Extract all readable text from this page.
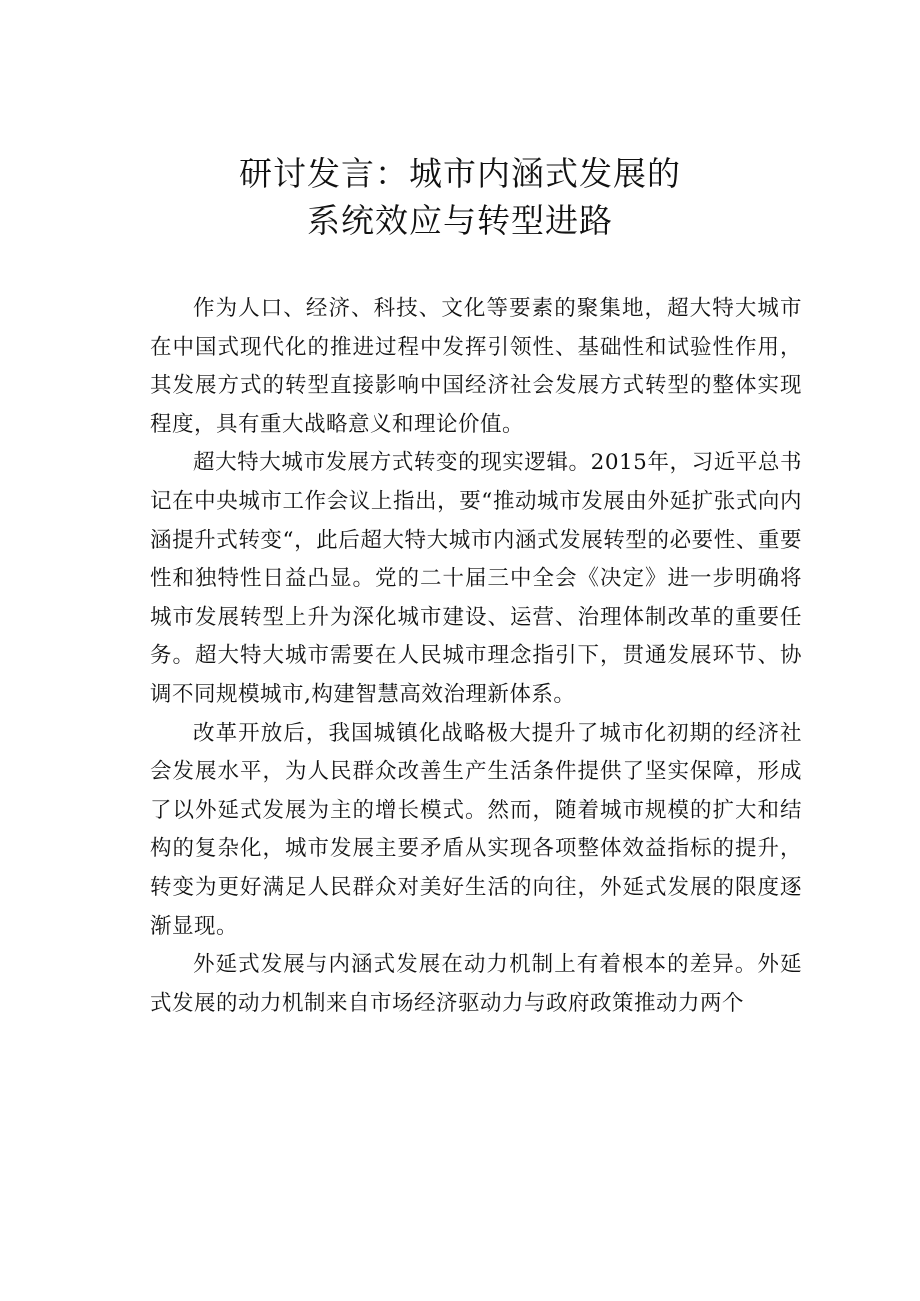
研讨发言：城市内涵式发展的
系统效应与转型进路

作为人口、经济、科技、文化等要素的聚集地，超大特大城市在中国式现代化的推进过程中发挥引领性、基础性和试验性作用，其发展方式的转型直接影响中国经济社会发展方式转型的整体实现程度，具有重大战略意义和理论价值。

超大特大城市发展方式转变的现实逻辑。2015年，习近平总书记在中央城市工作会议上指出，要“推动城市发展由外延扩张式向内涵提升式转变“，此后超大特大城市内涵式发展转型的必要性、重要性和独特性日益凸显。党的二十届三中全会《决定》进一步明确将城市发展转型上升为深化城市建设、运营、治理体制改革的重要任务。超大特大城市需要在人民城市理念指引下，贯通发展环节、协调不同规模城市,构建智慧高效治理新体系。

改革开放后，我国城镇化战略极大提升了城市化初期的经济社会发展水平，为人民群众改善生产生活条件提供了坚实保障，形成了以外延式发展为主的增长模式。然而，随着城市规模的扩大和结构的复杂化，城市发展主要矛盾从实现各项整体效益指标的提升，转变为更好满足人民群众对美好生活的向往，外延式发展的限度逐渐显现。

外延式发展与内涵式发展在动力机制上有着根本的差异。外延式发展的动力机制来自市场经济驱动力与政府政策推动力两个
